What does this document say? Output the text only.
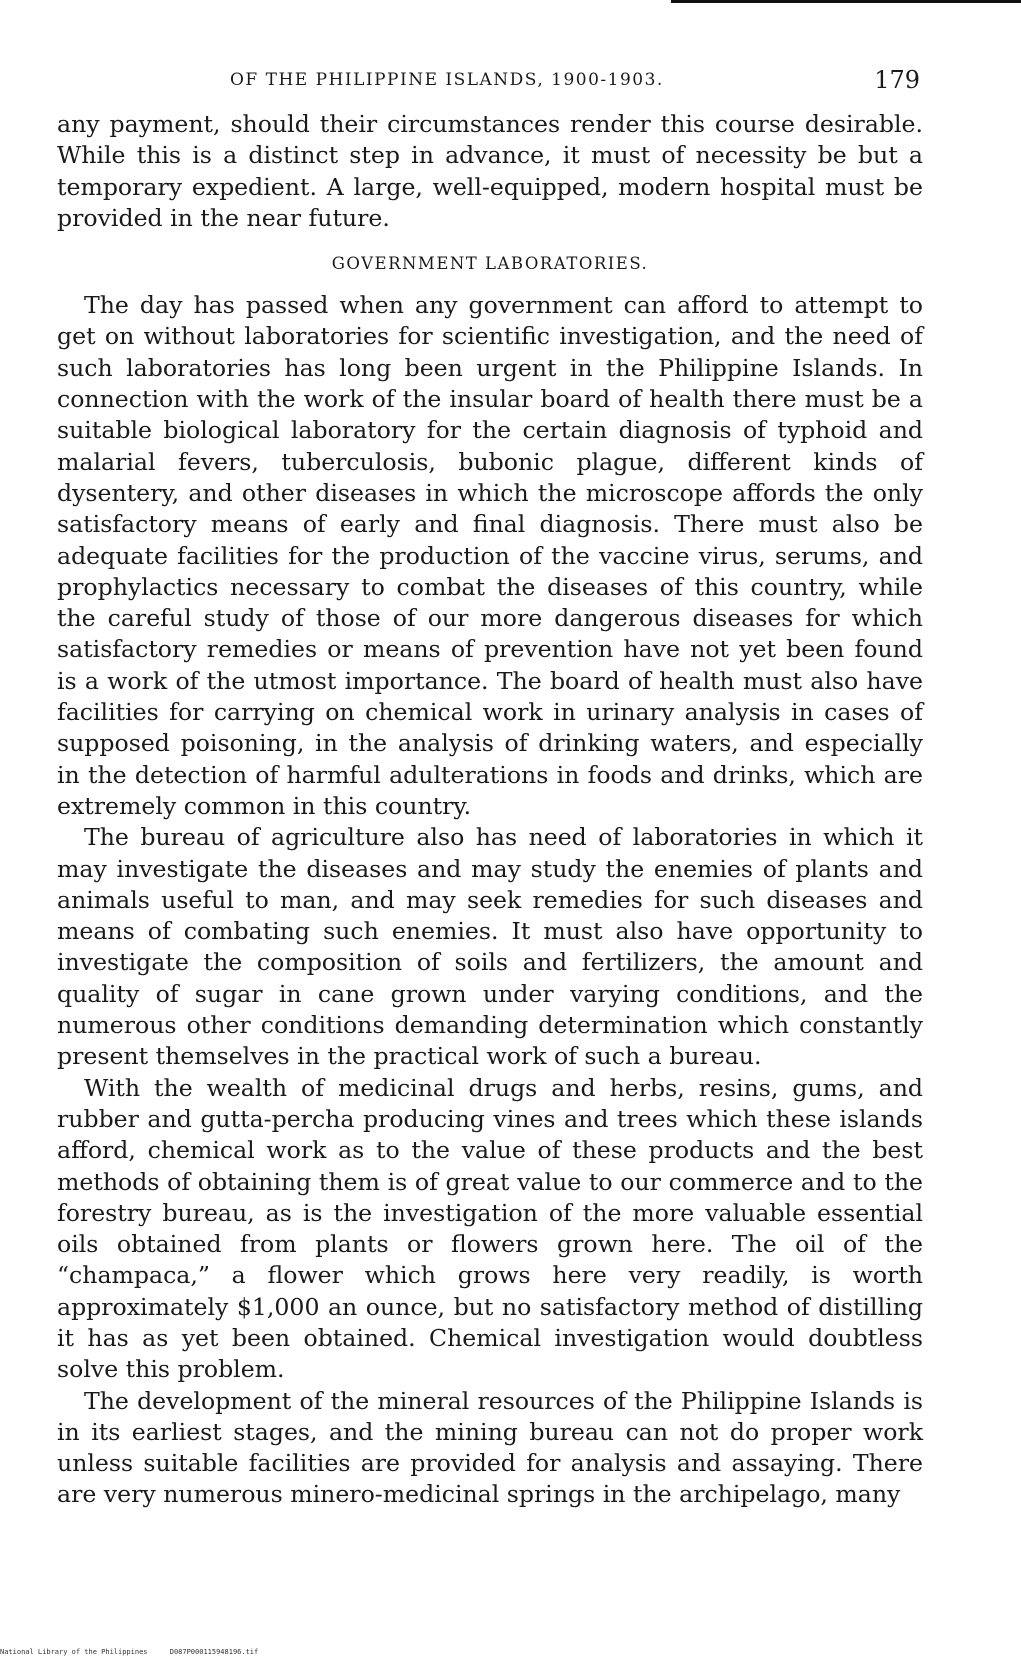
OF THE PHILIPPINE ISLANDS, 1900-1903.	179

any payment, should their circumstances render this course desirable. While this is a distinct step in advance, it must of necessity be but a temporary expedient. A large, well-equipped, modern hospital must be provided in the near future.

GOVERNMENT LABORATORIES.

The day has passed when any government can afford to attempt to get on without laboratories for scientific investigation, and the need of such laboratories has long been urgent in the Philippine Islands. In connection with the work of the insular board of health there must be a suitable biological laboratory for the certain diagnosis of typhoid and malarial fevers, tuberculosis, bubonic plague, different kinds of dysentery, and other diseases in which the microscope affords the only satisfactory means of early and final diagnosis. There must also be adequate facilities for the production of the vaccine virus, serums, and prophylactics necessary to combat the diseases of this country, while the careful study of those of our more dangerous diseases for which satisfactory remedies or means of prevention have not yet been found is a work of the utmost importance. The board of health must also have facilities for carrying on chemical work in urinary analysis in cases of supposed poisoning, in the analysis of drinking waters, and especially in the detection of harmful adulterations in foods and drinks, which are extremely common in this country.

The bureau of agriculture also has need of laboratories in which it may investigate the diseases and may study the enemies of plants and animals useful to man, and may seek remedies for such diseases and means of combating such enemies. It must also have opportunity to investigate the composition of soils and fertilizers, the amount and quality of sugar in cane grown under varying conditions, and the numerous other conditions demanding determination which constantly present themselves in the practical work of such a bureau.

With the wealth of medicinal drugs and herbs, resins, gums, and rubber and gutta-percha producing vines and trees which these islands afford, chemical work as to the value of these products and the best methods of obtaining them is of great value to our commerce and to the forestry bureau, as is the investigation of the more valuable essential oils obtained from plants or flowers grown here. The oil of the “champaca,” a flower which grows here very readily, is worth approximately $1,000 an ounce, but no satisfactory method of distilling it has as yet been obtained. Chemical investigation would doubtless solve this problem.

The development of the mineral resources of the Philippine Islands is in its earliest stages, and the mining bureau can not do proper work unless suitable facilities are provided for analysis and assaying. There are very numerous minero-medicinal springs in the archipelago, many

National Library of the Philippines	D087P000115948196.tif
